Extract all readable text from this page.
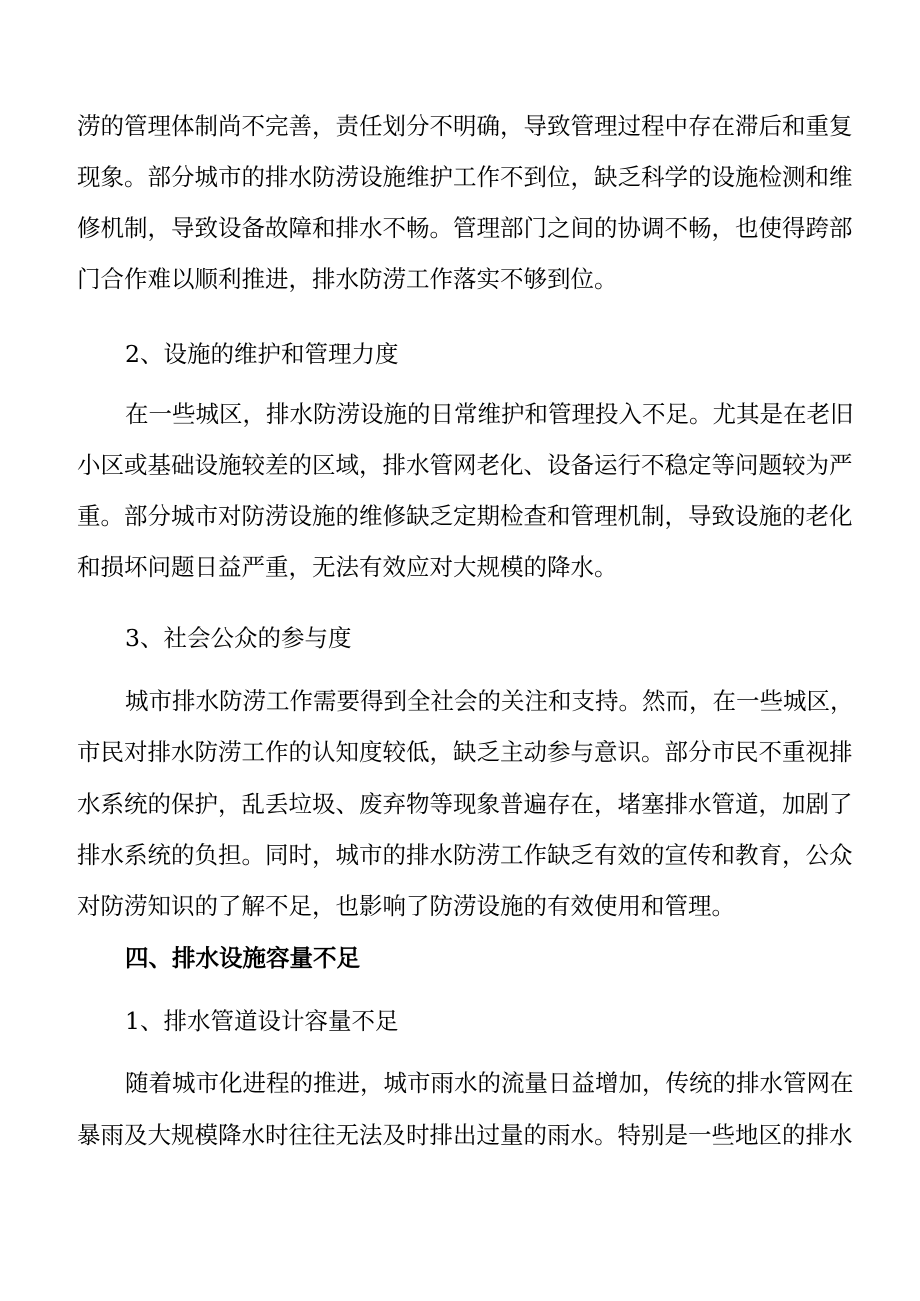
涝的管理体制尚不完善，责任划分不明确，导致管理过程中存在滞后和重复
现象。部分城市的排水防涝设施维护工作不到位，缺乏科学的设施检测和维
修机制，导致设备故障和排水不畅。管理部门之间的协调不畅，也使得跨部
门合作难以顺利推进，排水防涝工作落实不够到位。
2、设施的维护和管理力度
在一些城区，排水防涝设施的日常维护和管理投入不足。尤其是在老旧
小区或基础设施较差的区域，排水管网老化、设备运行不稳定等问题较为严
重。部分城市对防涝设施的维修缺乏定期检查和管理机制，导致设施的老化
和损坏问题日益严重，无法有效应对大规模的降水。
3、社会公众的参与度
城市排水防涝工作需要得到全社会的关注和支持。然而，在一些城区，
市民对排水防涝工作的认知度较低，缺乏主动参与意识。部分市民不重视排
水系统的保护，乱丢垃圾、废弃物等现象普遍存在，堵塞排水管道，加剧了
排水系统的负担。同时，城市的排水防涝工作缺乏有效的宣传和教育，公众
对防涝知识的了解不足，也影响了防涝设施的有效使用和管理。
四、排水设施容量不足
1、排水管道设计容量不足
随着城市化进程的推进，城市雨水的流量日益增加，传统的排水管网在
暴雨及大规模降水时往往无法及时排出过量的雨水。特别是一些地区的排水
